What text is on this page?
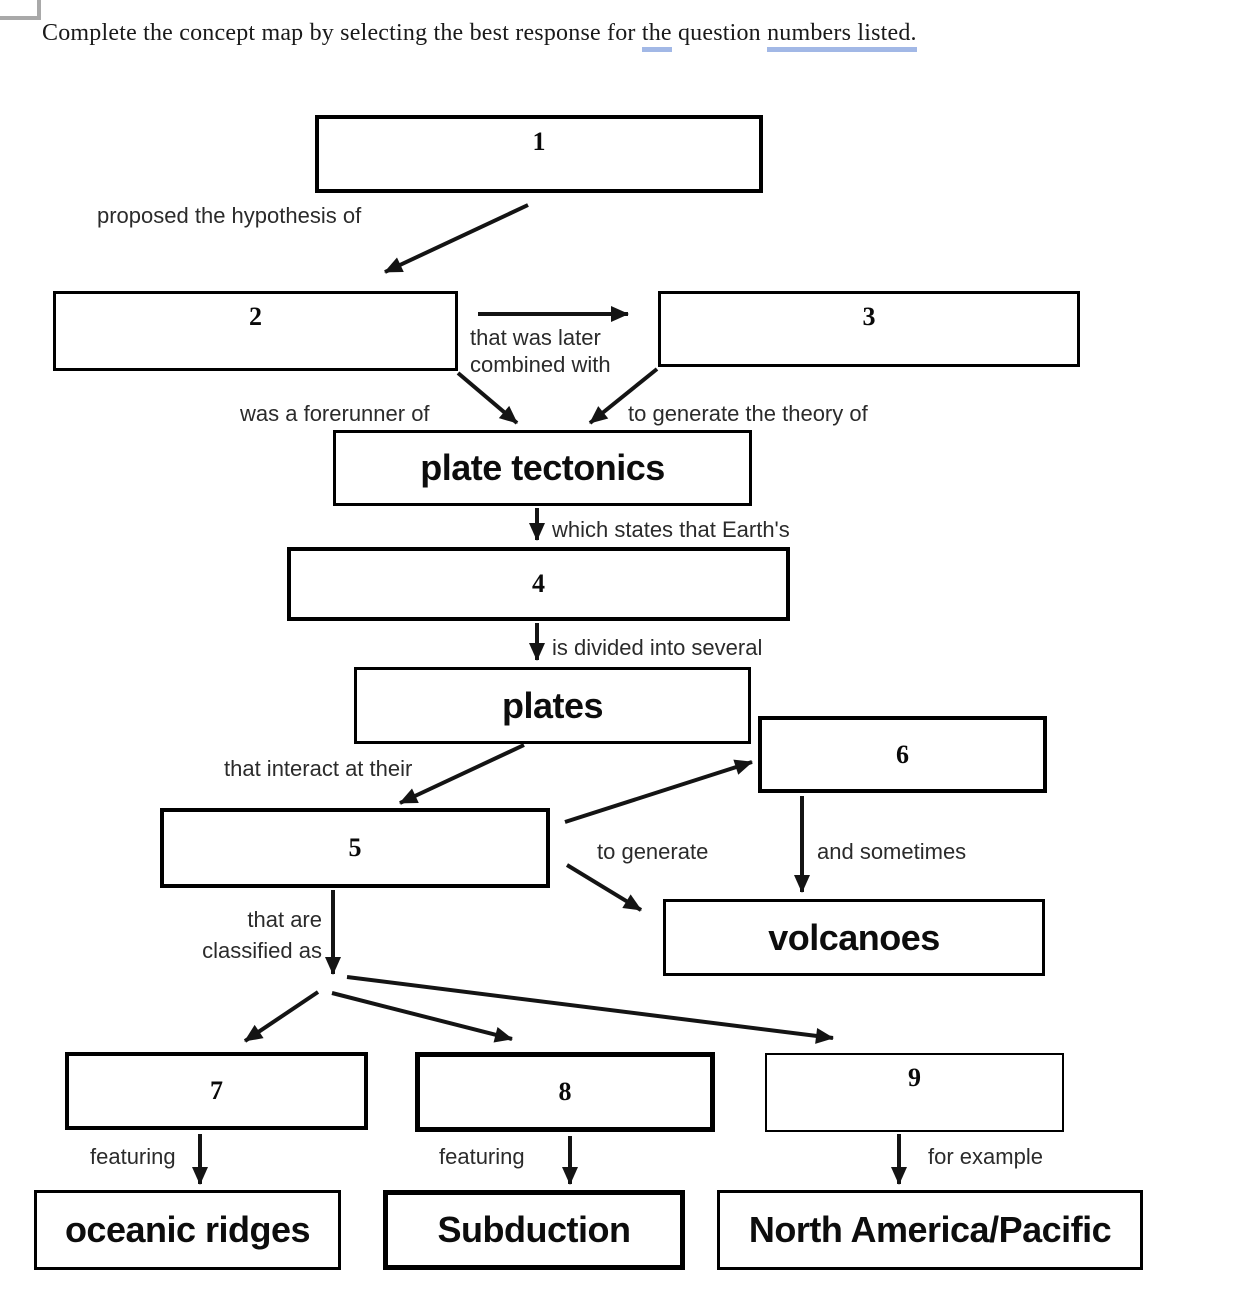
Complete the concept map by selecting the best response for the question numbers listed.
1
2	3
4
5
6
7	8	9
plate tectonics
plates
volcanoes
oceanic ridges	Subduction	North America/Pacific
proposed the hypothesis of
that was later
combined with
was a forerunner of	to generate the theory of
which states that Earth's
is divided into several
that interact at their
to generate	and sometimes
that are
classified as
featuring	featuring	for example
